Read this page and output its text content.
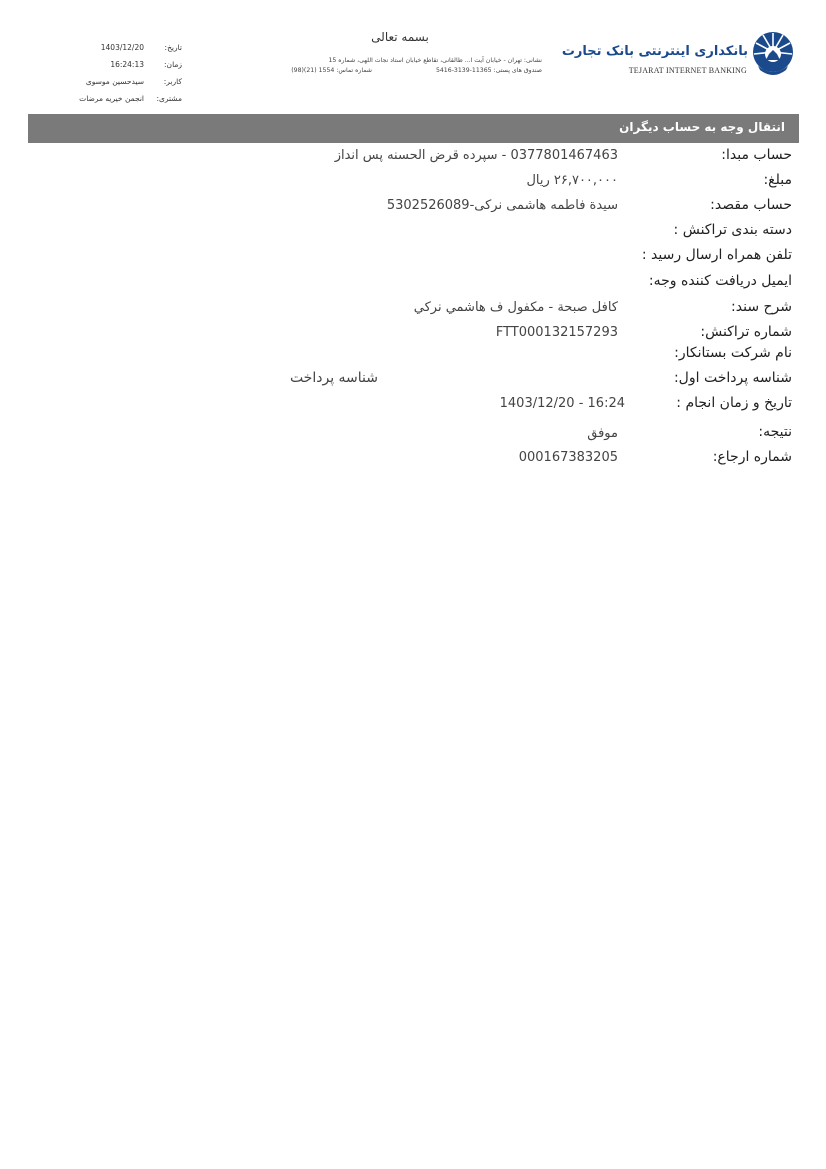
بانکداری اینترنتی بانک تجارت
TEJARAT INTERNET BANKING
بسمه تعالی
نشانی: تهران - خیابان آیت ا... طالقانی، تقاطع خیابان استاد نجات اللهی، شماره 15
صندوق های پستی: 11365-3139-5416  شماره تماس: 1554 (21)(98)
تاریخ:
1403/12/20
زمان:
16:24:13
کاربر:
سیدحسین موسوی
مشتری:
انجمن خیریه مرضات
انتقال وجه به حساب دیگران
حساب مبدا:
0377801467463 - سپرده قرض الحسنه پس انداز
مبلغ:
۲۶,۷۰۰,۰۰۰ ریال
حساب مقصد:
سیدة فاطمه هاشمی نرکی-5302526089
دسته بندی تراکنش :
تلفن همراه ارسال رسید :
ایمیل دریافت کننده وجه:
شرح سند:
كافل صبحة - مكفول ف هاشمي نركي
شماره تراکنش:
FTT000132157293
نام شرکت بستانکار:
شناسه پرداخت اول:
شناسه پرداخت
تاریخ و زمان انجام :
1403/12/20 - 16:24
نتیجه:
موفق
شماره ارجاع:
000167383205
